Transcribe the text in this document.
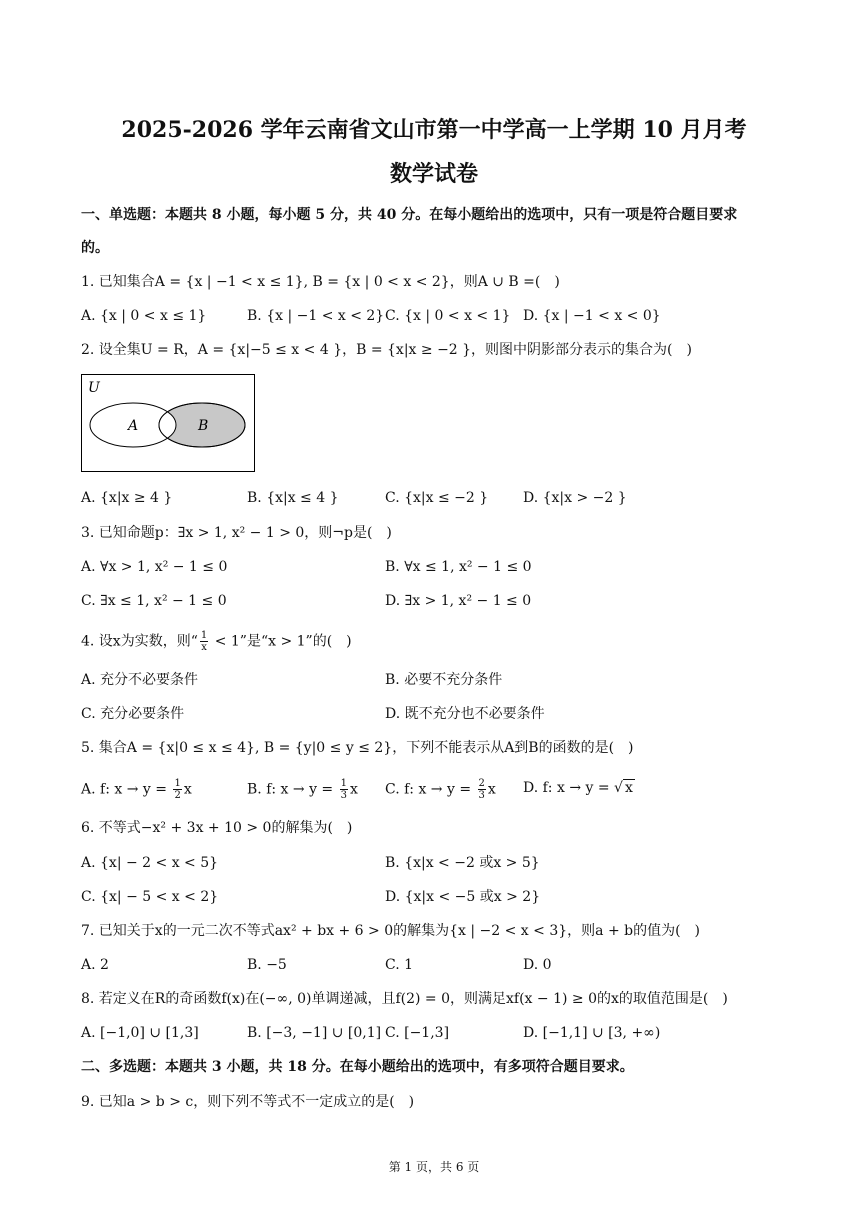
2025-2026 学年云南省文山市第一中学高一上学期 10 月月考
数学试卷
一、单选题：本题共 8 小题，每小题 5 分，共 40 分。在每小题给出的选项中，只有一项是符合题目要求
的。
1. 已知集合A = {x | −1 < x ≤ 1}, B = {x | 0 < x < 2}，则A ∪ B =(　)
A. {x | 0 < x ≤ 1}	B. {x | −1 < x < 2} C. {x | 0 < x < 1} D. {x | −1 < x < 0}
2. 设全集U = R，A = {x|−5 ≤ x < 4 }，B = {x|x ≥ −2 }，则图中阴影部分表示的集合为(　)
U
A	B
A. {x|x ≥ 4 }	B. {x|x ≤ 4 }	C. {x|x ≤ −2 } D. {x|x > −2 }
3. 已知命题p：∃x > 1, x² − 1 > 0，则¬p是(　)
A. ∀x > 1, x² − 1 ≤ 0	B. ∀x ≤ 1, x² − 1 ≤ 0
C. ∃x ≤ 1, x² − 1 ≤ 0	D. ∃x > 1, x² − 1 ≤ 0
4. 设x为实数，则“ $\frac{1}{x} < 1$”是“x > 1”的(　)
A. 充分不必要条件	B. 必要不充分条件
C. 充分必要条件	D. 既不充分也不必要条件
5. 集合A = {x|0 ≤ x ≤ 4}, B = {y|0 ≤ y ≤ 2}，下列不能表示从A到B的函数的是(　)
A. f: $x \to y = \frac{1}{2}$ x	B. f: $x \to y = \frac{1}{3}$ x C. f: $x \to y = \frac{2}{3}$ x D. f: x → y = √ x
6. 不等式−x² + 3x + 10 > 0的解集为(　)
A. {x| − 2 < x < 5}	B. {x|x < −2 或x > 5}
C. {x| − 5 < x < 2}	D. {x|x < −5 或x > 2}
7. 已知关于x的一元二次不等式ax² + bx + 6 > 0的解集为{x | −2 < x < 3}，则a + b的值为(　)
A. 2	B. −5	C. 1	D. 0
8. 若定义在R的奇函数f(x)在(−∞, 0)单调递减，且f(2) = 0，则满足xf(x − 1) ≥ 0的x的取值范围是(　)
A. [−1,0] ∪ [1,3]	B. [−3, −1] ∪ [0,1] C. [−1,3]	D. [−1,1] ∪ [3, +∞)
二、多选题：本题共 3 小题，共 18 分。在每小题给出的选项中，有多项符合题目要求。
9. 已知a > b > c，则下列不等式不一定成立的是(　)
第 1 页，共 6 页
